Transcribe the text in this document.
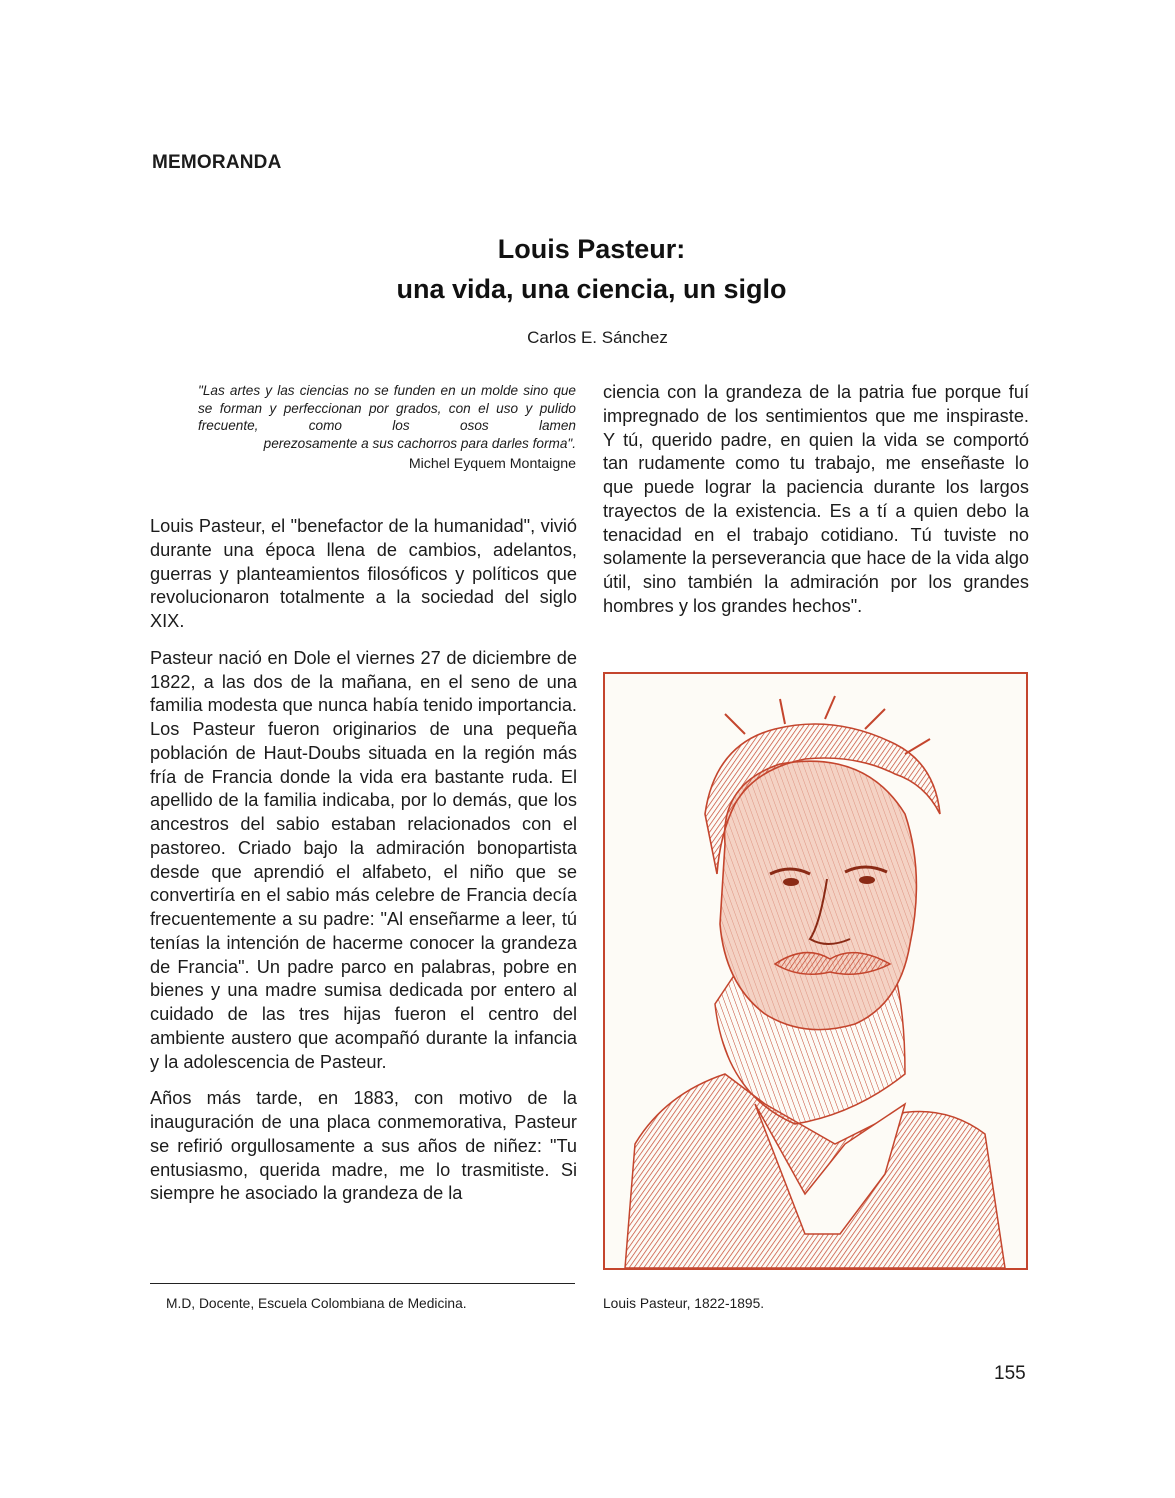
MEMORANDA
Louis Pasteur:
una vida, una ciencia, un siglo
Carlos E. Sánchez
"Las artes y las ciencias no se funden en un molde sino que se forman y perfeccionan por grados, con el uso y pulido frecuente, como los osos lamen
perezosamente a sus cachorros para darles forma".
Michel Eyquem Montaigne

Louis Pasteur, el "benefactor de la humanidad", vivió durante una época llena de cambios, adelantos, guerras y planteamientos filosóficos y políticos que revolucionaron totalmente a la sociedad del siglo XIX.

Pasteur nació en Dole el viernes 27 de diciembre de 1822, a las dos de la mañana, en el seno de una familia modesta que nunca había tenido importancia. Los Pasteur fueron originarios de una pequeña población de Haut-Doubs situada en la región más fría de Francia donde la vida era bastante ruda. El apellido de la familia indicaba, por lo demás, que los ancestros del sabio estaban relacionados con el pastoreo. Criado bajo la admiración bonopartista desde que aprendió el alfabeto, el niño que se convertiría en el sabio más celebre de Francia decía frecuentemente a su padre: "Al enseñarme a leer, tú tenías la intención de hacerme conocer la grandeza de Francia". Un padre parco en palabras, pobre en bienes y una madre sumisa dedicada por entero al cuidado de las tres hijas fueron el centro del ambiente austero que acompañó durante la infancia y la adolescencia de Pasteur.

Años más tarde, en 1883, con motivo de la inauguración de una placa conmemorativa, Pasteur se refirió orgullosamente a sus años de niñez: "Tu entusiasmo, querida madre, me lo trasmitiste. Si siempre he asociado la grandeza de la

ciencia con la grandeza de la patria fue porque fuí impregnado de los sentimientos que me inspiraste. Y tú, querido padre, en quien la vida se comportó tan rudamente como tu trabajo, me enseñaste lo que puede lograr la paciencia durante los largos trayectos de la existencia. Es a tí a quien debo la tenacidad en el trabajo cotidiano. Tú tuviste no solamente la perseverancia que hace de la vida algo útil, sino también la admiración por los grandes hombres y los grandes hechos".

M.D, Docente, Escuela Colombiana de Medicina.	Louis Pasteur, 1822-1895.
155
